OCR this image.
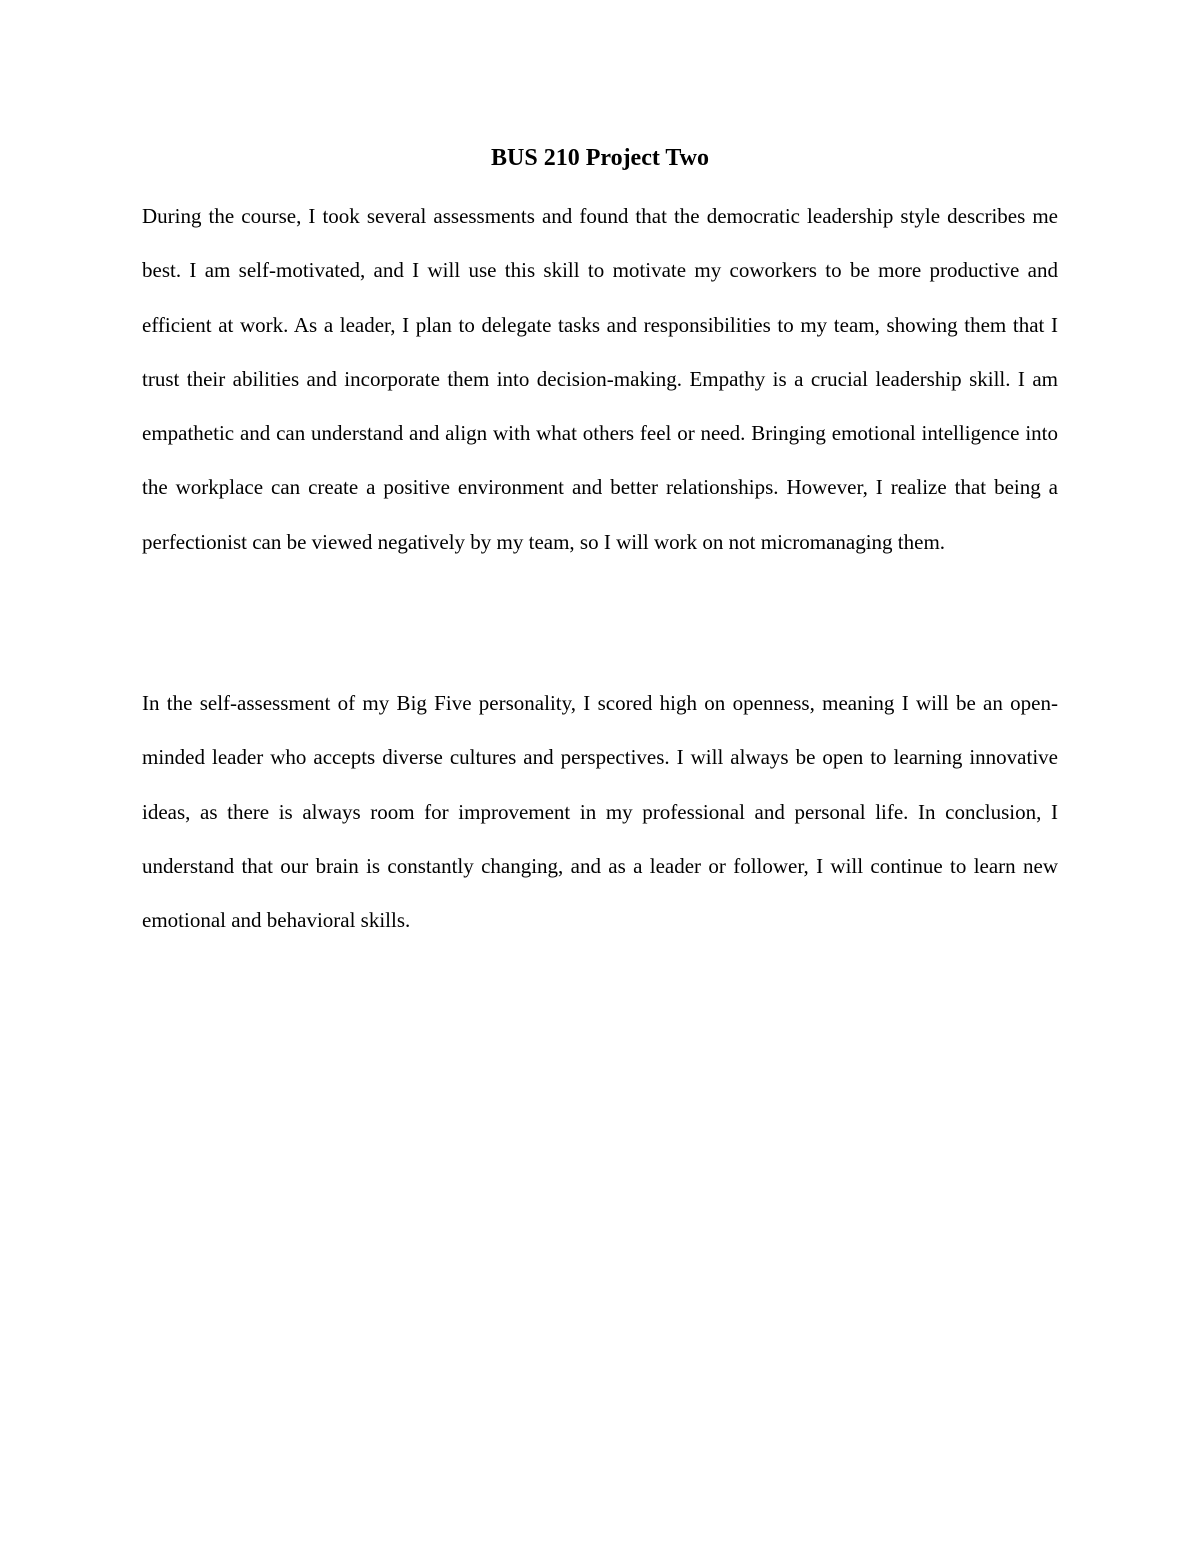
BUS 210 Project Two

During the course, I took several assessments and found that the democratic leadership style describes me best. I am self-motivated, and I will use this skill to motivate my coworkers to be more productive and efficient at work. As a leader, I plan to delegate tasks and responsibilities to my team, showing them that I trust their abilities and incorporate them into decision-making. Empathy is a crucial leadership skill. I am empathetic and can understand and align with what others feel or need. Bringing emotional intelligence into the workplace can create a positive environment and better relationships. However, I realize that being a perfectionist can be viewed negatively by my team, so I will work on not micromanaging them.

In the self-assessment of my Big Five personality, I scored high on openness, meaning I will be an open-minded leader who accepts diverse cultures and perspectives. I will always be open to learning innovative ideas, as there is always room for improvement in my professional and personal life. In conclusion, I understand that our brain is constantly changing, and as a leader or follower, I will continue to learn new emotional and behavioral skills.
